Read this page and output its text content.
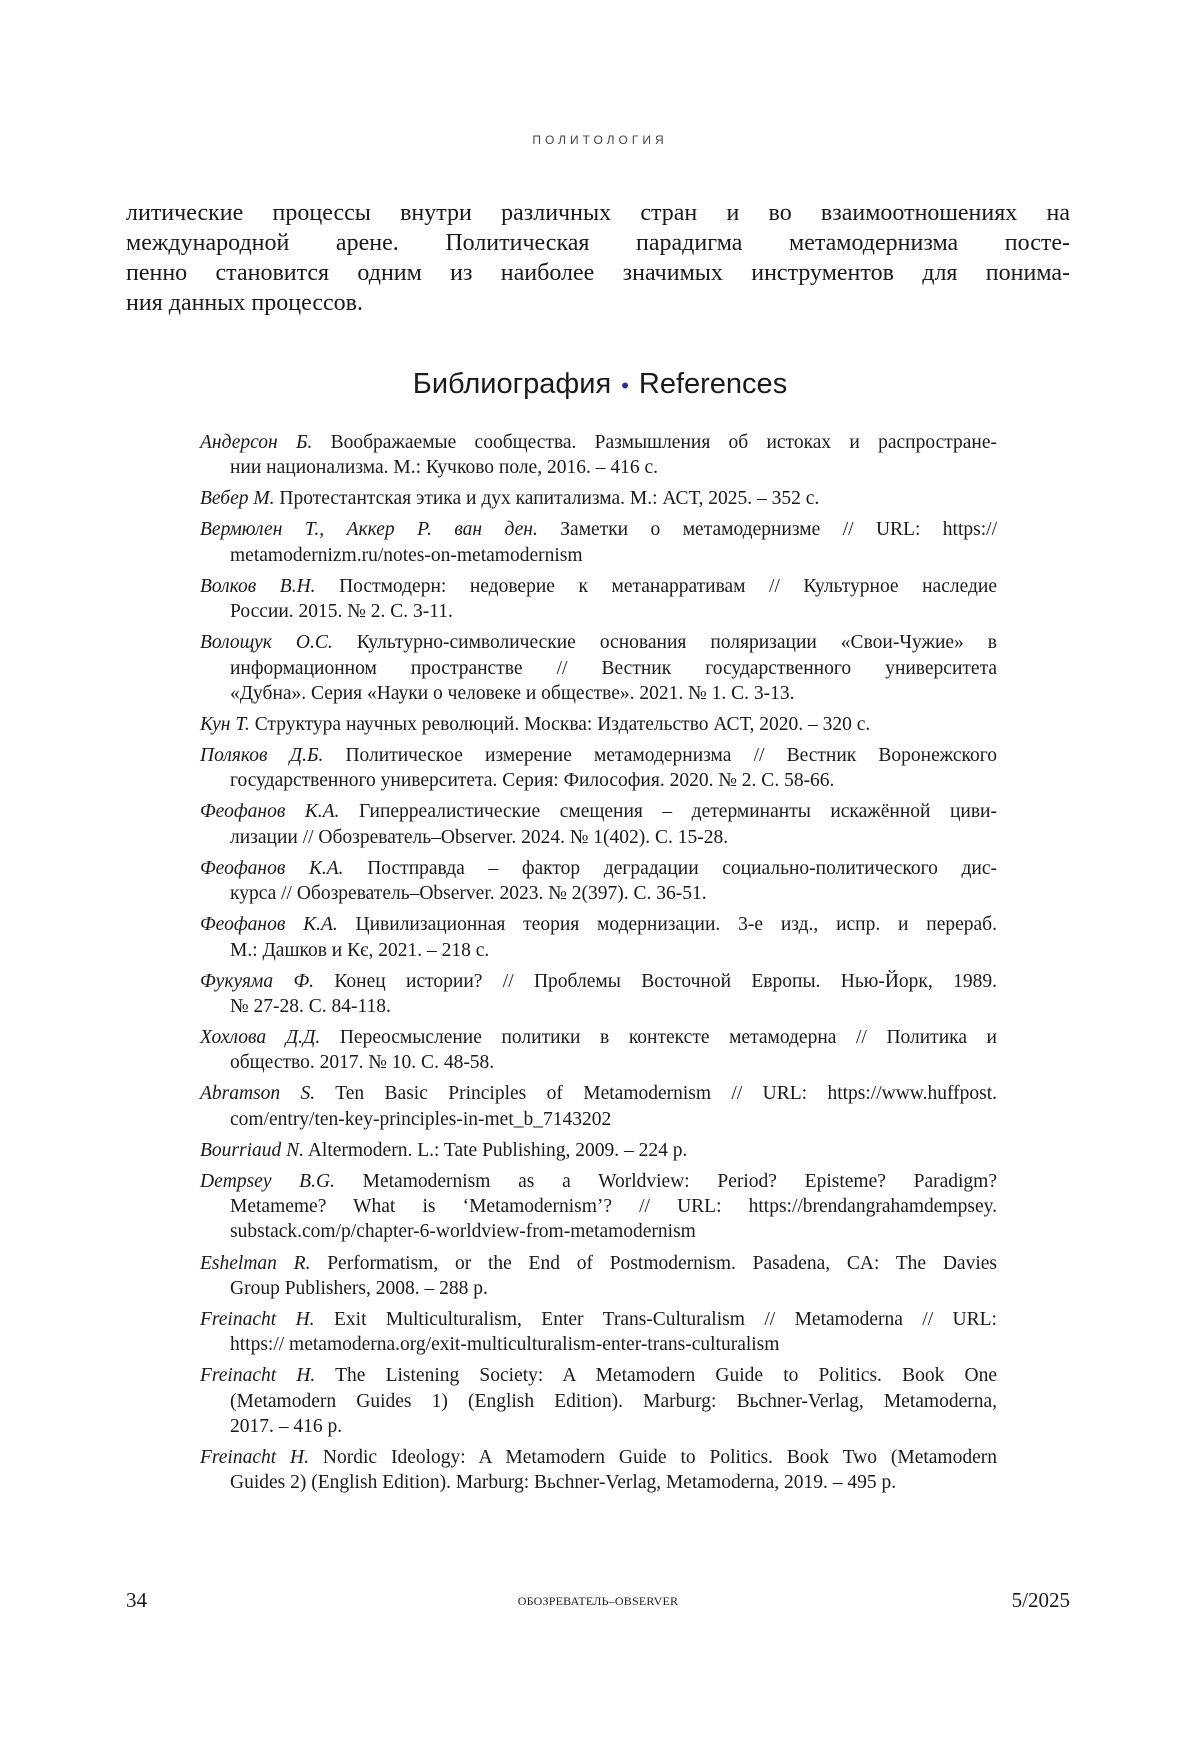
ПОЛИТОЛОГИЯ
литические процессы внутри различных стран и во взаимоотношениях на
международной арене. Политическая парадигма метамодернизма посте-
пенно становится одним из наиболее значимых инструментов для понима-
ния данных процессов.
Библиография • References
Андерсон Б. Воображаемые сообщества. Размышления об истоках и распростране-
нии национализма. М.: Кучково поле, 2016. – 416 с.
Вебер М. Протестантская этика и дух капитализма. М.: АСТ, 2025. – 352 с.
Вермюлен Т., Аккер Р. ван ден. Заметки о метамодернизме // URL: https://
metamodernizm.ru/notes-on-metamodernism
Волков В.Н. Постмодерн: недоверие к метанарративам // Культурное наследие
России. 2015. № 2. С. 3-11.
Волощук О.С. Культурно-символические основания поляризации «Свои-Чужие» в
информационном пространстве // Вестник государственного университета
«Дубна». Серия «Науки о человеке и обществе». 2021. № 1. С. 3-13.
Кун Т. Структура научных революций. Москва: Издательство АСТ, 2020. – 320 с.
Поляков Д.Б. Политическое измерение метамодернизма // Вестник Воронежского
государственного университета. Серия: Философия. 2020. № 2. С. 58-66.
Феофанов К.А. Гиперреалистические смещения – детерминанты искажённой циви-
лизации // Обозреватель–Observer. 2024. № 1(402). С. 15-28.
Феофанов К.А. Постправда – фактор деградации социально-политического дис-
курса // Обозреватель–Observer. 2023. № 2(397). С. 36-51.
Феофанов К.А. Цивилизационная теория модернизации. 3-е изд., испр. и перераб.
М.: Дашков и Кє, 2021. – 218 с.
Фукуяма Ф. Конец истории? // Проблемы Восточной Европы. Нью-Йорк, 1989.
№ 27-28. С. 84-118.
Хохлова Д.Д. Переосмысление политики в контексте метамодерна // Политика и
общество. 2017. № 10. С. 48-58.
Abramson S. Ten Basic Principles of Metamodernism // URL: https://www.huffpost.
com/entry/ten-key-principles-in-met_b_7143202
Bourriaud N. Altermodern. L.: Tate Publishing, 2009. – 224 p.
Dempsey B.G. Metamodernism as a Worldview: Period? Episteme? Paradigm?
Metameme? What is ‘Metamodernism’? // URL: https://brendangrahamdempsey.
substack.com/p/chapter-6-worldview-from-metamodernism
Eshelman R. Performatism, or the End of Postmodernism. Pasadena, CA: The Davies
Group Publishers, 2008. – 288 p.
Freinacht H. Exit Multiculturalism, Enter Trans-Culturalism // Metamoderna // URL:
https:// metamoderna.org/exit-multiculturalism-enter-trans-culturalism
Freinacht H. The Listening Society: A Metamodern Guide to Politics. Book One
(Metamodern Guides 1) (English Edition). Marburg: Bьchner-Verlag, Metamoderna,
2017. – 416 p.
Freinacht H. Nordic Ideology: A Metamodern Guide to Politics. Book Two (Metamodern
Guides 2) (English Edition). Marburg: Bьchner-Verlag, Metamoderna, 2019. – 495 p.
34	ОБОЗРЕВАТЕЛЬ–OBSERVER	5/2025
